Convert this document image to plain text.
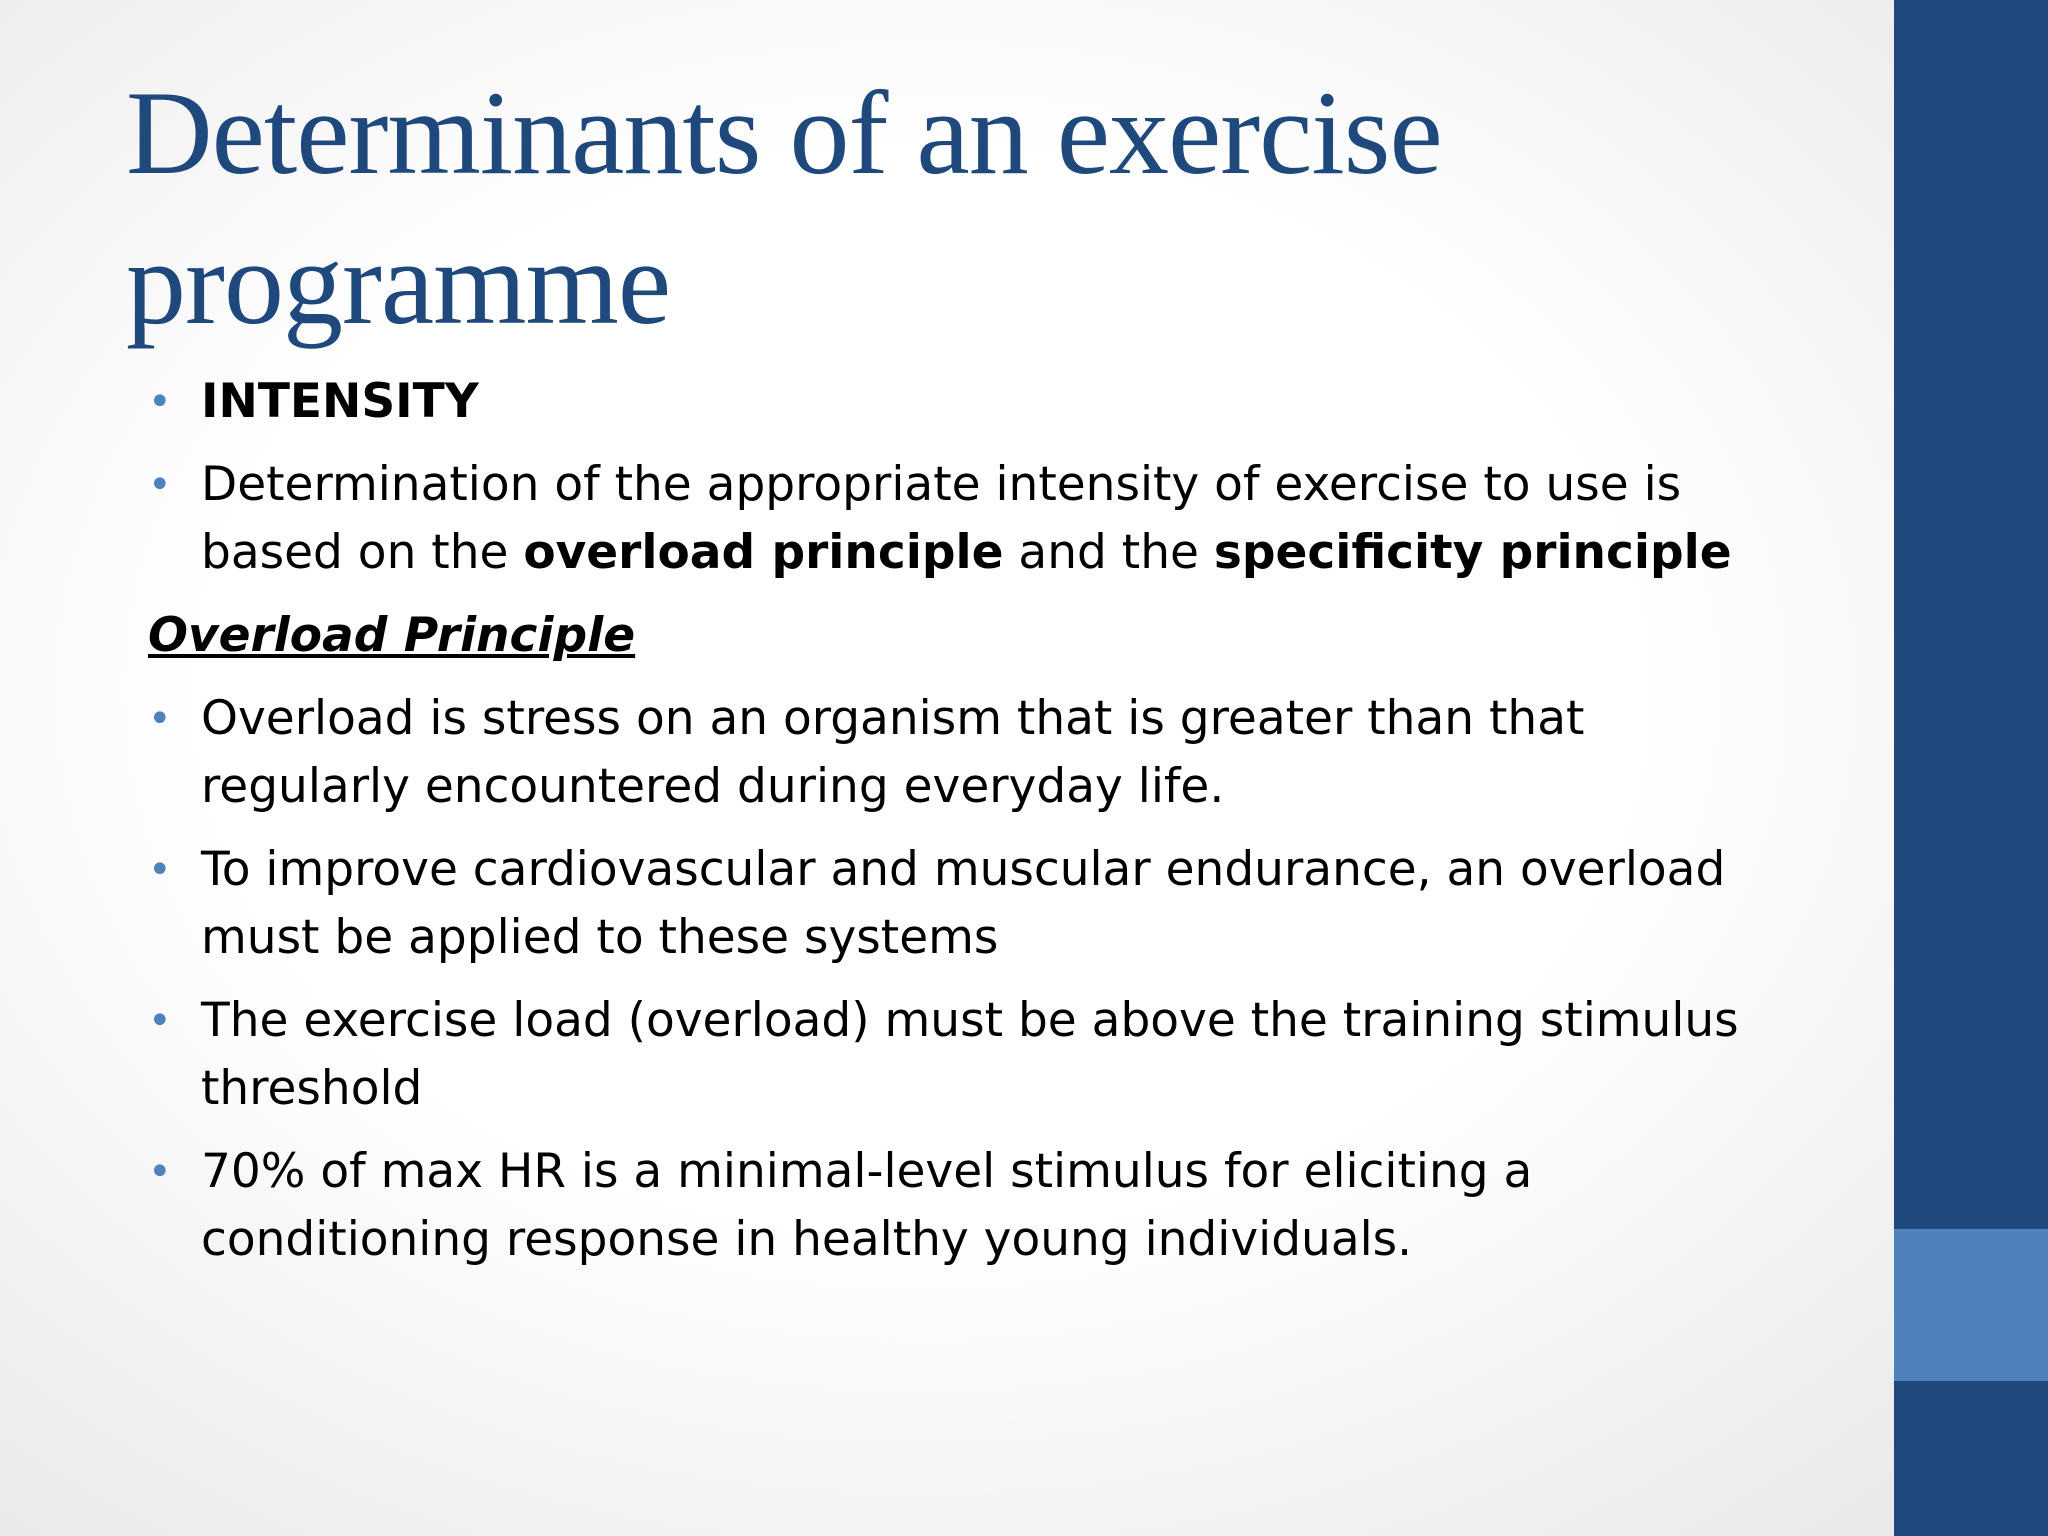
Determinants of an exercise programme
• INTENSITY
• Determination of the appropriate intensity of exercise to use is based on the overload principle and the specificity principle
Overload Principle
• Overload is stress on an organism that is greater than that regularly encountered during everyday life.
• To improve cardiovascular and muscular endurance, an overload must be applied to these systems
• The exercise load (overload) must be above the training stimulus threshold
• 70% of max HR is a minimal-level stimulus for eliciting a conditioning response in healthy young individuals.
